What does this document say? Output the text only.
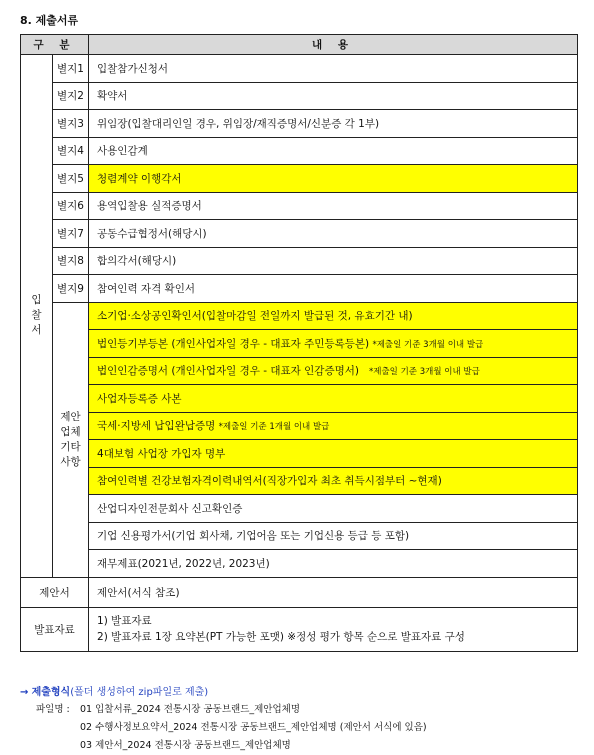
8. 제출서류
구 분		내 용
입찰서	별지1	입찰참가신청서
	별지2	확약서
	별지3	위임장(입찰대리인일 경우, 위임장/재직증명서/신분증 각 1부)
	별지4	사용인감계
	별지5	청렴계약 이행각서
	별지6	용역입찰용 실적증명서
	별지7	공동수급협정서(해당시)
	별지8	합의각서(해당시)
	별지9	참여인력 자격 확인서
	제안업체기타사항	소기업·소상공인확인서(입찰마감일 전일까지 발급된 것, 유효기간 내)
		법인등기부등본 (개인사업자일 경우 - 대표자 주민등록등본) *제출일 기준 3개월 이내 발급
		법인인감증명서 (개인사업자일 경우 - 대표자 인감증명서) *제출일 기준 3개월 이내 발급
		사업자등록증 사본
		국세·지방세 납입완납증명 *제출일 기준 1개월 이내 발급
		4대보험 사업장 가입자 명부
		참여인력별 건강보험자격이력내역서(직장가입자 최초 취득시점부터 ~현재)
		산업디자인전문회사 신고확인증
		기업 신용평가서(기업 회사채, 기업어음 또는 기업신용 등급 등 포함)
		재무제표(2021년, 2022년, 2023년)
제안서		제안서(서식 참조)
발표자료		1) 발표자료
2) 발표자료 1장 요약본(PT 가능한 포맷) ※정성 평가 항목 순으로 발표자료 구성
→ 제출형식(폴더 생성하여 zip파일로 제출)
파일명 : 01 입찰서류_2024 전통시장 공동브랜드_제안업체명
02 수행사정보요약서_2024 전통시장 공동브랜드_제안업체명 (제안서 서식에 있음)
03 제안서_2024 전통시장 공동브랜드_제안업체명
